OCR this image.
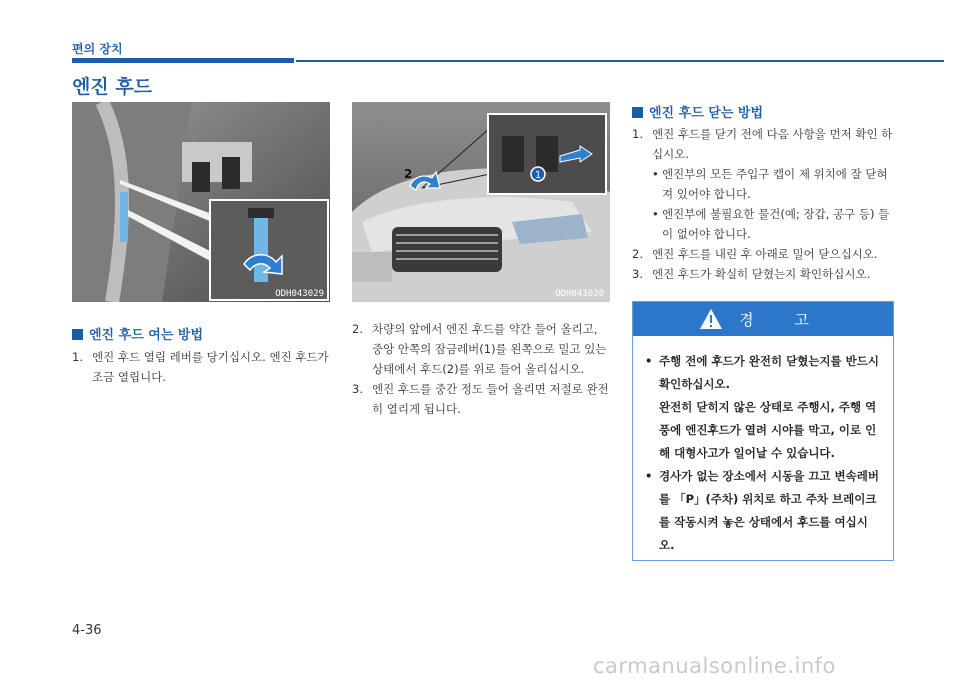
편의 장치
엔진 후드
ODH043029
1
2
ODH043030
엔진 후드 여는 방법
1. 엔진 후드 열림 레버를 당기십시오. 엔진 후드가 조금 열립니다.
2. 차량의 앞에서 엔진 후드를 약간 들어 올리고, 중앙 안쪽의 잠금레버(1)를 왼쪽으로 밀고 있는 상태에서 후드(2)를 위로 들어 올리십시오.
3. 엔진 후드를 중간 정도 들어 올리면 저절로 완전히 열리게 됩니다.
엔진 후드 닫는 방법
1. 엔진 후드를 닫기 전에 다음 사항을 먼저 확인 하십시오.
• 엔진부의 모든 주입구 캡이 제 위치에 잘 닫혀져 있어야 합니다.
• 엔진부에 불필요한 물건(예; 장갑, 공구 등) 들이 없어야 합니다.
2. 엔진 후드를 내린 후 아래로 밀어 닫으십시오.
3. 엔진 후드가 확실히 닫혔는지 확인하십시오.
경 고
• 주행 전에 후드가 완전히 닫혔는지를 반드시 확인하십시오.
완전히 닫히지 않은 상태로 주행시, 주행 역풍에 엔진후드가 열려 시야를 막고, 이로 인해 대형사고가 일어날 수 있습니다.
• 경사가 없는 장소에서 시동을 끄고 변속레버를 「P」(주차) 위치로 하고 주차 브레이크를 작동시켜 놓은 상태에서 후드를 여십시오.
4-36
carmanualsonline.info
